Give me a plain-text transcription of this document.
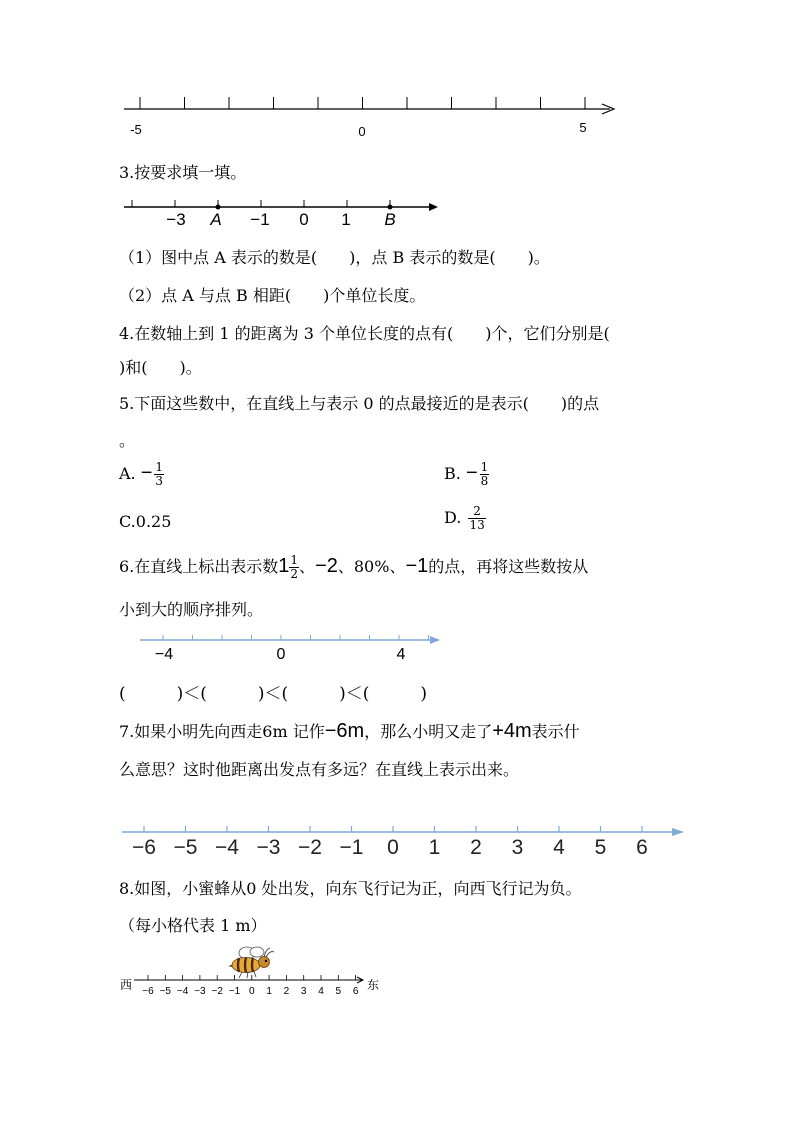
-5	0	5
3.按要求填一填。
−3 A −1 0 1 B
（1）图中点 A 表示的数是(　　)，点 B 表示的数是(　　)。
（2）点 A 与点 B 相距(　　)个单位长度。
4.在数轴上到 1 的距离为 3 个单位长度的点有(　　)个，它们分别是(
)和(　　)。
5.下面这些数中，在直线上与表示 0 的点最接近的是表示(　　)的点
。
A. − $\frac{1}{3}$	B. − $\frac{1}{8}$
C.0.25	D. $\frac{2}{13}$
6.在直线上标出表示数$1 \frac{1}{2}$ 、−2、80%、−1的点，再将这些数按从
小到大的顺序排列。
−4	0	4
(　　　)＜(　　　)＜(　　　)＜(　　　)
7.如果小明先向西走6m 记作−6m，那么小明又走了+4m表示什
么意思？这时他距离出发点有多远？在直线上表示出来。
−6 −5 −4 −3 −2 −1 0 1 2 3 4 5 6
8.如图，小蜜蜂从0 处出发，向东飞行记为正，向西飞行记为负。
（每小格代表 1 m）
西	东
−6 −5 −4 −3 −2 −1 0 1 2 3 4 5 6
